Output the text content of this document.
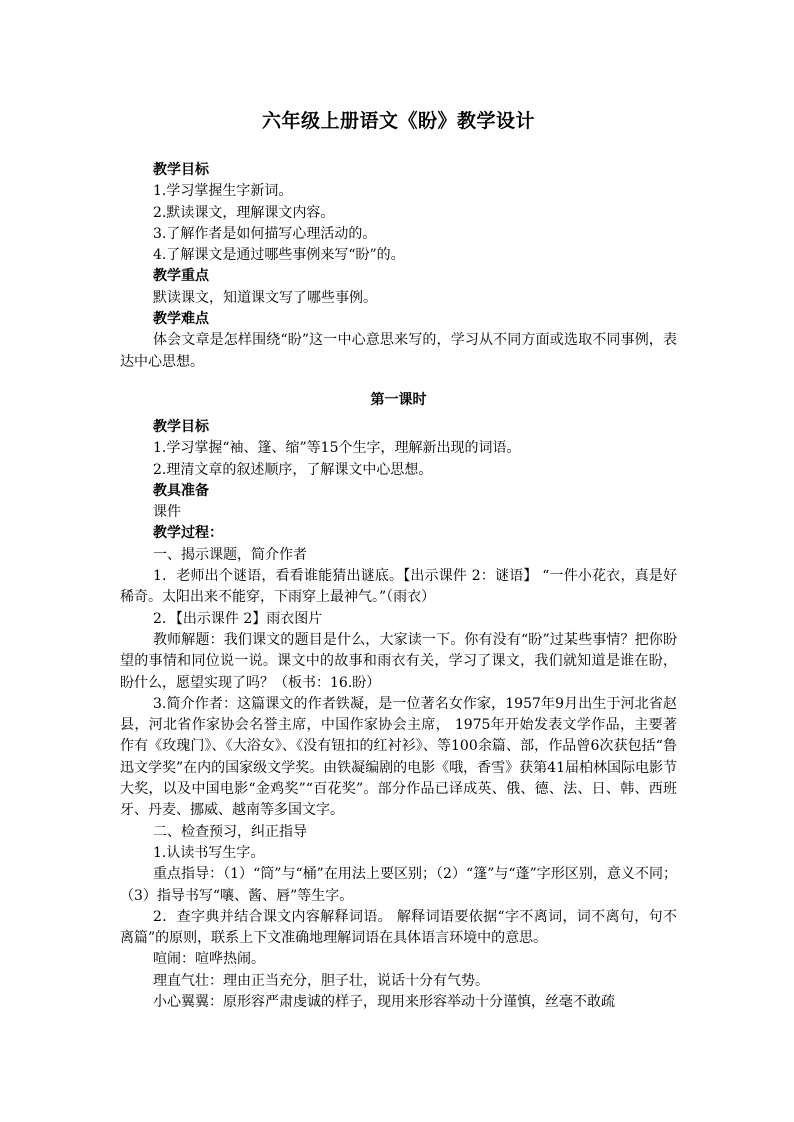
六年级上册语文《盼》教学设计

教学目标

1.学习掌握生字新词。

2.默读课文，理解课文内容。

3.了解作者是如何描写心理活动的。

4.了解课文是通过哪些事例来写“盼”的。

教学重点

默读课文，知道课文写了哪些事例。

教学难点

体会文章是怎样围绕“盼”这一中心意思来写的，学习从不同方面或选取不同事例，表达中心思想。

第一课时

教学目标

1.学习掌握“袖、篷、缩”等15个生字，理解新出现的词语。

2.理清文章的叙述顺序，了解课文中心思想。

教具准备

课件

教学过程：

一、揭示课题，简介作者

1．老师出个谜语，看看谁能猜出谜底。【出示课件 2：谜语】 “一件小花衣，真是好稀奇。太阳出来不能穿，下雨穿上最神气。”（雨衣）

2．【出示课件 2】雨衣图片

教师解题：我们课文的题目是什么，大家读一下。你有没有“盼”过某些事情？把你盼望的事情和同位说一说。课文中的故事和雨衣有关，学习了课文，我们就知道是谁在盼，盼什么，愿望实现了吗？（板书：16.盼）

3.简介作者：这篇课文的作者铁凝，是一位著名女作家，1957年9月出生于河北省赵县，河北省作家协会名誉主席，中国作家协会主席， 1975年开始发表文学作品，主要著作有《玫瑰门》、《大浴女》、《没有钮扣的红衬衫》、等100余篇、部，作品曾6次获包括“鲁迅文学奖”在内的国家级文学奖。由铁凝编剧的电影《哦，香雪》获第41届柏林国际电影节大奖，以及中国电影“金鸡奖”“百花奖”。部分作品已译成英、俄、德、法、日、韩、西班牙、丹麦、挪威、越南等多国文字。

二、检查预习，纠正指导

1.认读书写生字。

重点指导：（1）“筒”与“桶”在用法上要区别；（2）“篷”与“蓬”字形区别，意义不同；（3）指导书写“嚷、酱、唇”等生字。

2．查字典并结合课文内容解释词语。 解释词语要依据“字不离词，词不离句，句不离篇”的原则，联系上下文准确地理解词语在具体语言环境中的意思。

喧闹：喧哗热闹。

理直气壮：理由正当充分，胆子壮，说话十分有气势。

小心翼翼：原形容严肃虔诚的样子，现用来形容举动十分谨慎，丝毫不敢疏
